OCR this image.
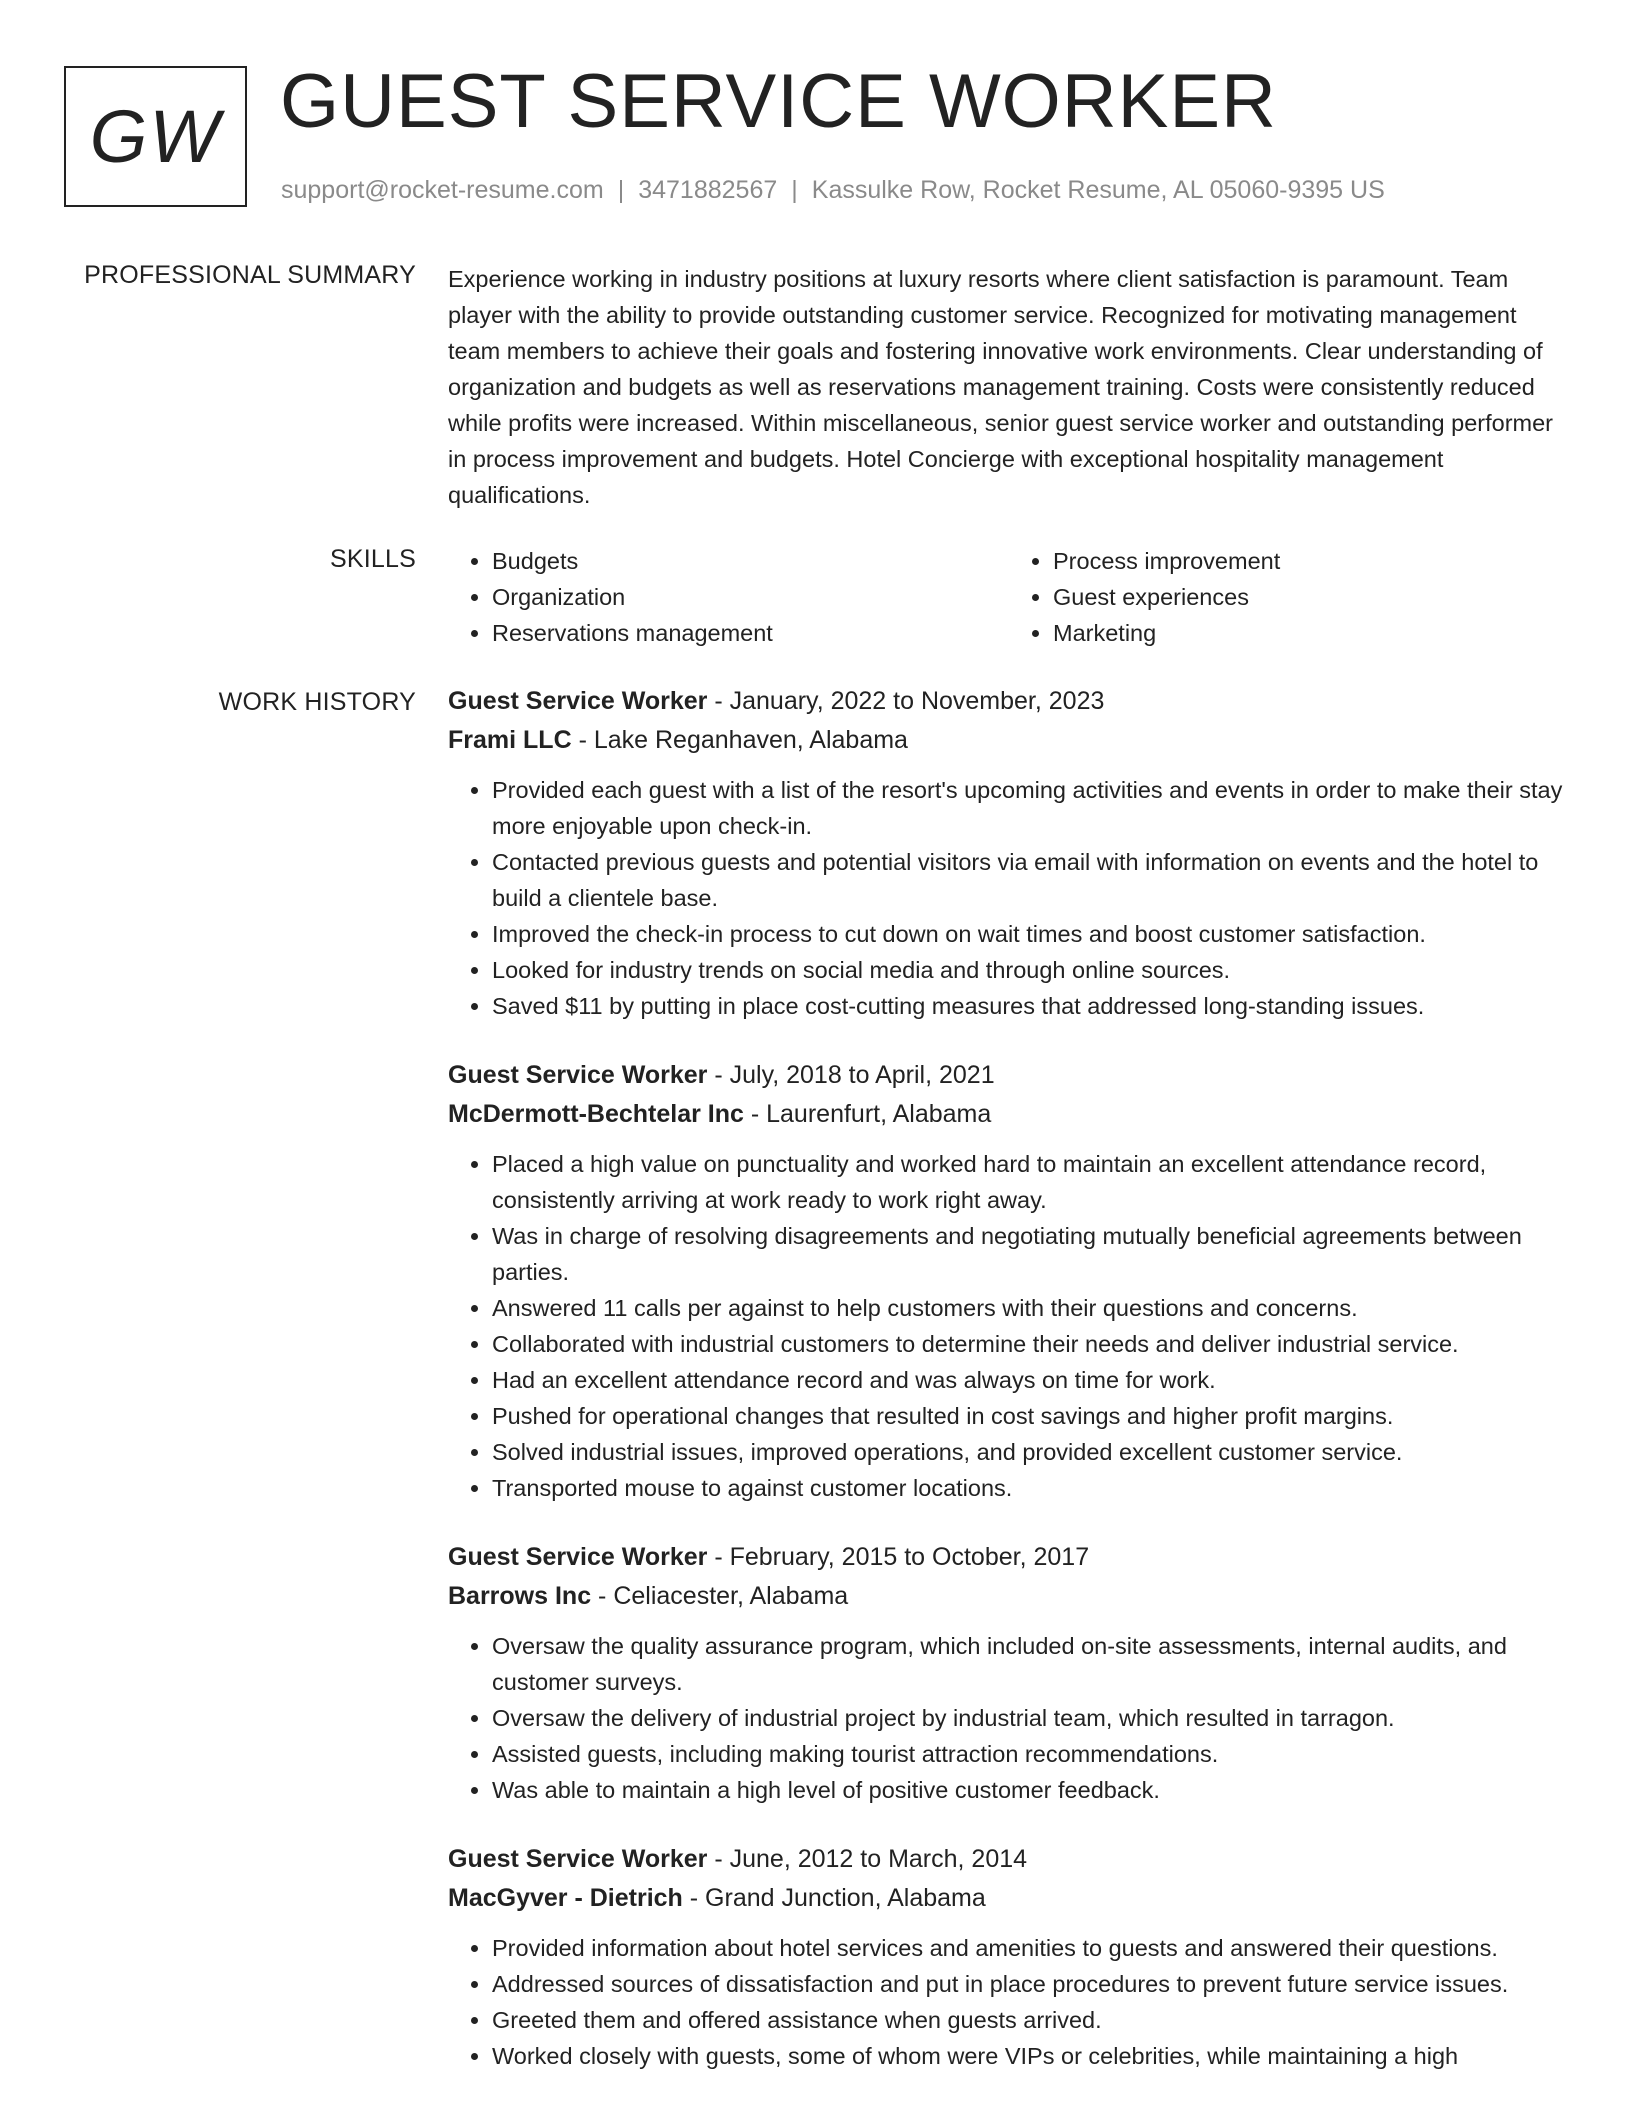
GW GUEST SERVICE WORKER
support@rocket-resume.com | 3471882567 | Kassulke Row, Rocket Resume, AL 05060-9395 US
PROFESSIONAL SUMMARY Experience working in industry positions at luxury resorts where client satisfaction is paramount. Team player with the ability to provide outstanding customer service. Recognized for motivating management team members to achieve their goals and fostering innovative work environments. Clear understanding of organization and budgets as well as reservations management training. Costs were consistently reduced while profits were increased. Within miscellaneous, senior guest service worker and outstanding performer in process improvement and budgets. Hotel Concierge with exceptional hospitality management qualifications.

SKILLS
•	Budgets
• Organization
• Reservations management
• Process improvement
• Guest experiences
• Marketing
WORK HISTORY Guest Service Worker - January, 2022 to November, 2023
Frami LLC - Lake Reganhaven, Alabama
• Provided each guest with a list of the resort's upcoming activities and events in order to make their stay more enjoyable upon check-in.
• Contacted previous guests and potential visitors via email with information on events and the hotel to build a clientele base.
• Improved the check-in process to cut down on wait times and boost customer satisfaction.
• Looked for industry trends on social media and through online sources.
• Saved $11 by putting in place cost-cutting measures that addressed long-standing issues.
Guest Service Worker - July, 2018 to April, 2021
McDermott-Bechtelar Inc - Laurenfurt, Alabama
• Placed a high value on punctuality and worked hard to maintain an excellent attendance record, consistently arriving at work ready to work right away.
• Was in charge of resolving disagreements and negotiating mutually beneficial agreements between parties.
• Answered 11 calls per against to help customers with their questions and concerns.
• Collaborated with industrial customers to determine their needs and deliver industrial service.
• Had an excellent attendance record and was always on time for work.
• Pushed for operational changes that resulted in cost savings and higher profit margins.
• Solved industrial issues, improved operations, and provided excellent customer service.
• Transported mouse to against customer locations.
Guest Service Worker - February, 2015 to October, 2017
Barrows Inc - Celiacester, Alabama
• Oversaw the quality assurance program, which included on-site assessments, internal audits, and customer surveys.
• Oversaw the delivery of industrial project by industrial team, which resulted in tarragon.
• Assisted guests, including making tourist attraction recommendations.
• Was able to maintain a high level of positive customer feedback.
Guest Service Worker - June, 2012 to March, 2014
MacGyver - Dietrich - Grand Junction, Alabama
• Provided information about hotel services and amenities to guests and answered their questions.
• Addressed sources of dissatisfaction and put in place procedures to prevent future service issues.
• Greeted them and offered assistance when guests arrived.
• Worked closely with guests, some of whom were VIPs or celebrities, while maintaining a high
